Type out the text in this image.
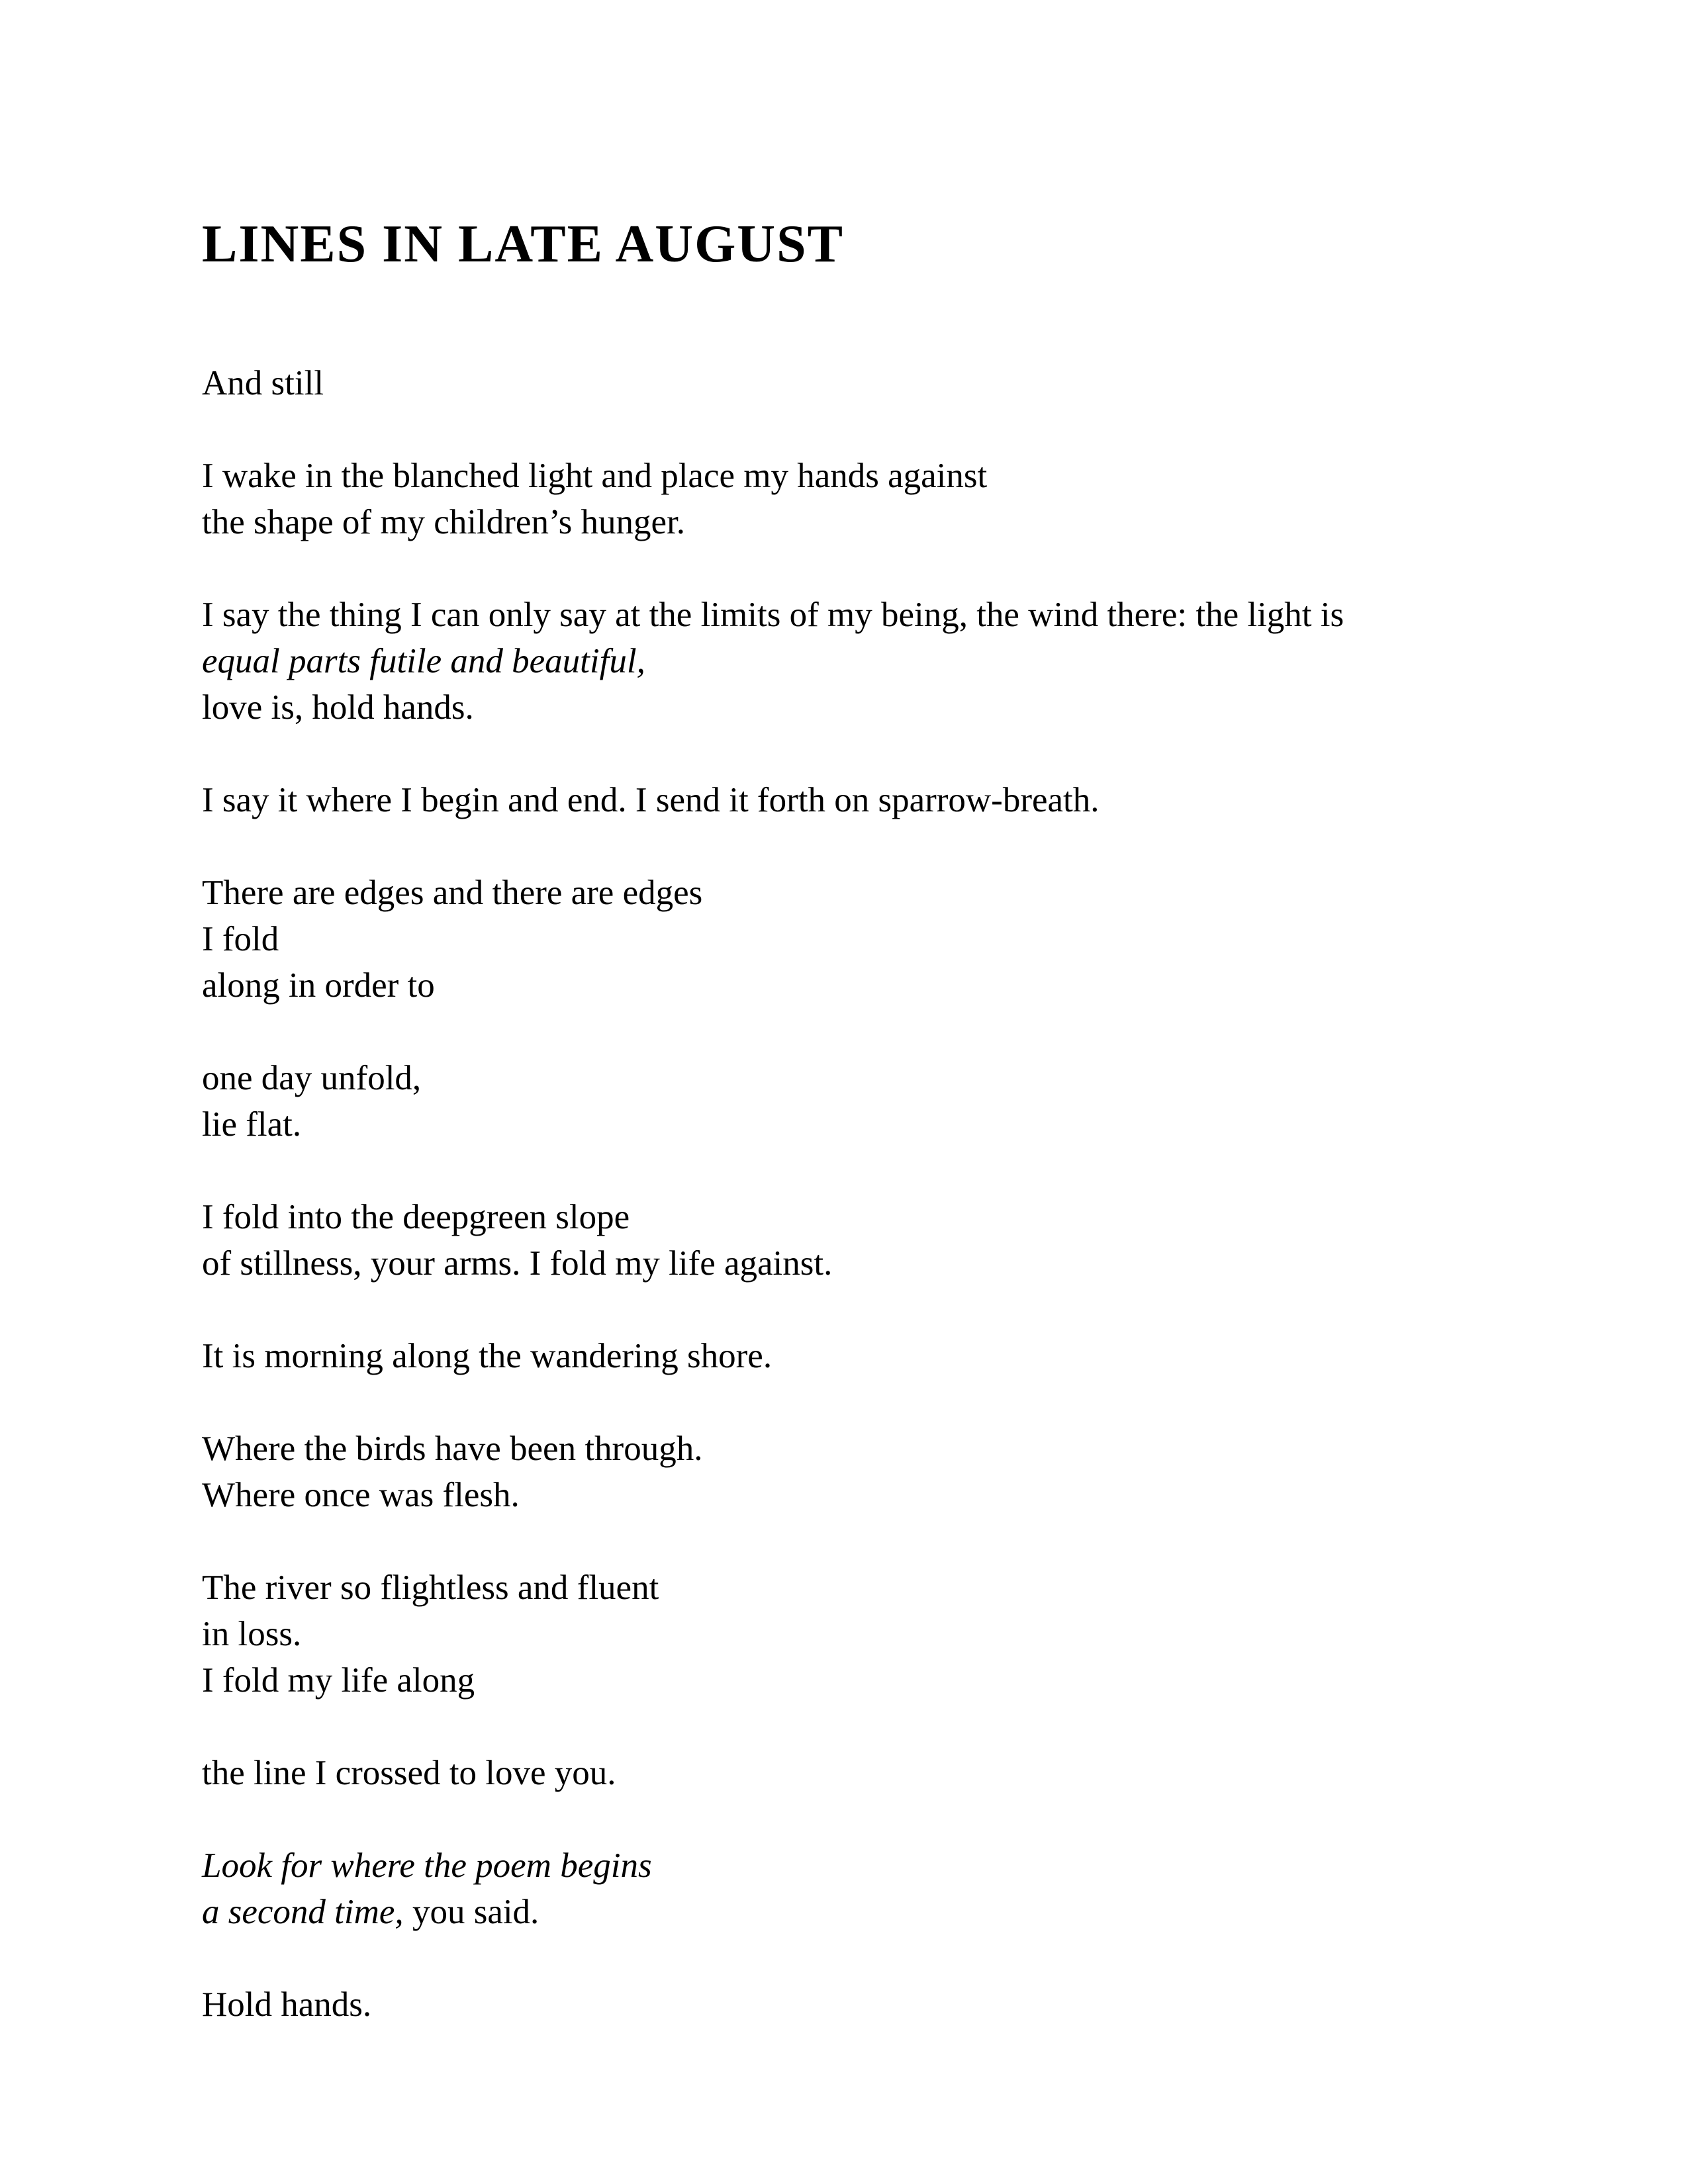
LINES IN LATE AUGUST
And still
I wake in the blanched light and place my hands against
the shape of my children’s hunger.
I say the thing I can only say at the limits of my being, the wind there: the light is
equal parts futile and beautiful,
love is, hold hands.
I say it where I begin and end. I send it forth on sparrow-breath.
There are edges and there are edges
I fold
along in order to
one day unfold,
lie flat.
I fold into the deepgreen slope
of stillness, your arms. I fold my life against.
It is morning along the wandering shore.
Where the birds have been through.
Where once was flesh.
The river so flightless and fluent
in loss.
I fold my life along
the line I crossed to love you.
Look for where the poem begins
a second time, you said.
Hold hands.
